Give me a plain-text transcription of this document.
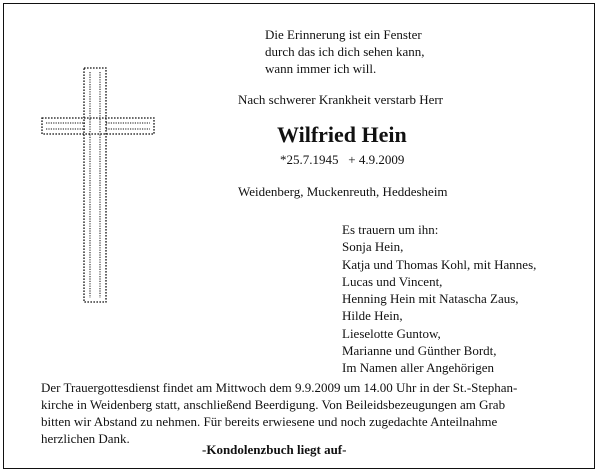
Die Erinnerung ist ein Fenster
durch das ich dich sehen kann,
wann immer ich will.
Nach schwerer Krankheit verstarb Herr
Wilfried Hein
*25.7.1945   + 4.9.2009
Weidenberg, Muckenreuth, Heddesheim
Es trauern um ihn:
Sonja Hein,
Katja und Thomas Kohl, mit Hannes,
Lucas und Vincent,
Henning Hein mit Natascha Zaus,
Hilde Hein,
Lieselotte Guntow,
Marianne und Günther Bordt,
Im Namen aller Angehörigen
Der Trauergottesdienst findet am Mittwoch dem 9.9.2009 um 14.00 Uhr in der St.-Stephan-
kirche in Weidenberg statt, anschließend Beerdigung. Von Beileidsbezeugungen am Grab
bitten wir Abstand zu nehmen. Für bereits erwiesene und noch zugedachte Anteilnahme
herzlichen Dank.
-Kondolenzbuch liegt auf-
